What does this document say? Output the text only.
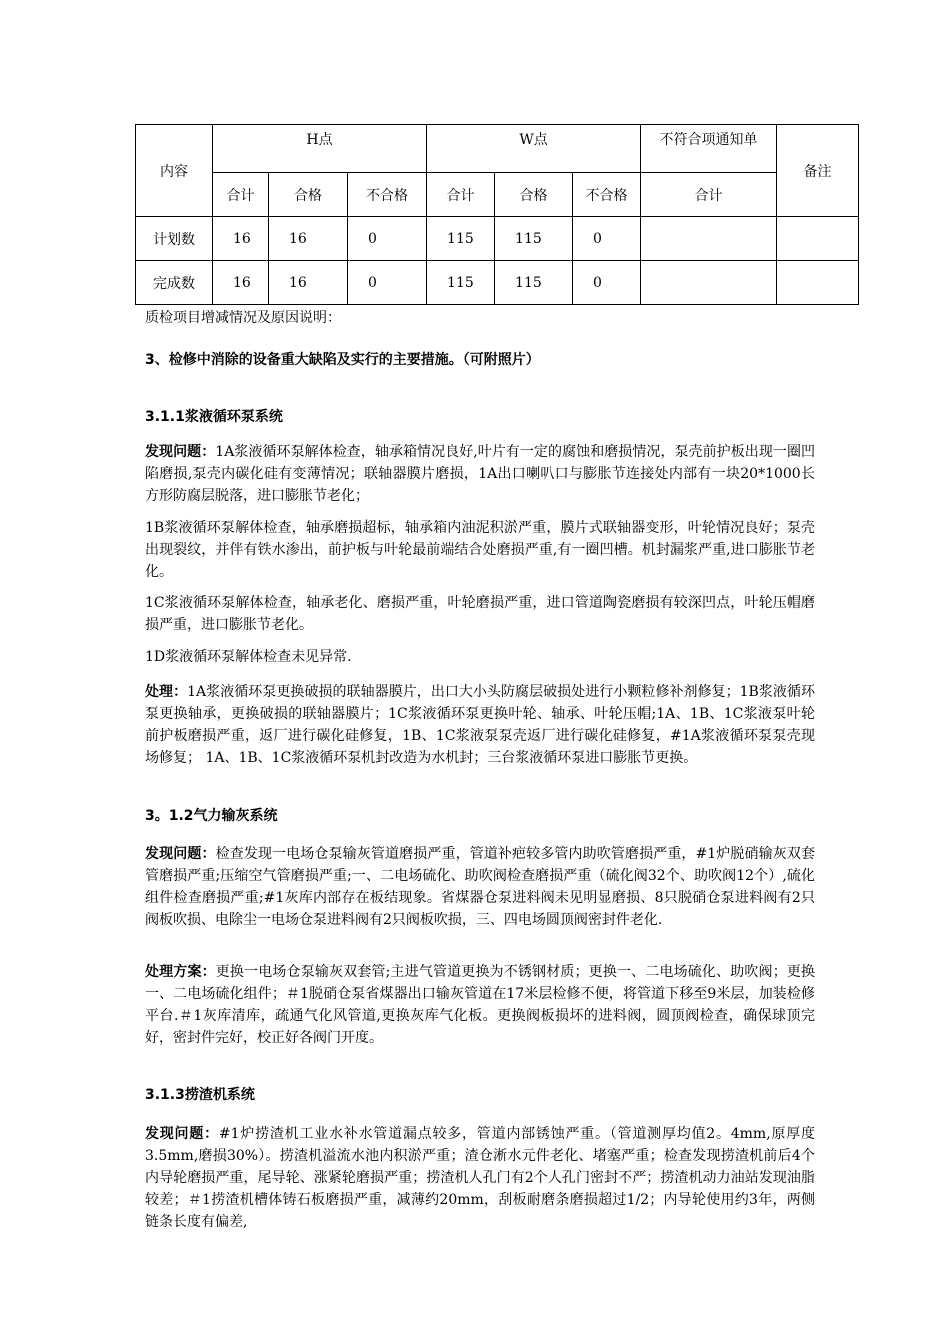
内容	H点			W点			不符合项通知单	备注
	合计	合格	不合格	合计	合格	不合格	合计	
计划数	16	16	0	115	115	0		
完成数	16	16	0	115	115	0		

质检项目增减情况及原因说明：

3、检修中消除的设备重大缺陷及实行的主要措施。（可附照片）

3.1.1浆液循环泵系统

发现问题：1A浆液循环泵解体检查，轴承箱情况良好,叶片有一定的腐蚀和磨损情况，泵壳前护板出现一圈凹陷磨损,泵壳内碳化硅有变薄情况；联轴器膜片磨损，1A出口喇叭口与膨胀节连接处内部有一块20*1000长方形防腐层脱落，进口膨胀节老化；

1B浆液循环泵解体检查，轴承磨损超标，轴承箱内油泥积淤严重，膜片式联轴器变形，叶轮情况良好；泵壳出现裂纹，并伴有铁水渗出，前护板与叶轮最前端结合处磨损严重,有一圈凹槽。机封漏浆严重,进口膨胀节老化。

1C浆液循环泵解体检查，轴承老化、磨损严重，叶轮磨损严重，进口管道陶瓷磨损有较深凹点，叶轮压帽磨损严重，进口膨胀节老化。

1D浆液循环泵解体检查未见异常.

处理：1A浆液循环泵更换破损的联轴器膜片，出口大小头防腐层破损处进行小颗粒修补剂修复；1B浆液循环泵更换轴承，更换破损的联轴器膜片；1C浆液循环泵更换叶轮、轴承、叶轮压帽;1A、1B、1C浆液泵叶轮前护板磨损严重，返厂进行碳化硅修复，1B、1C浆液泵泵壳返厂进行碳化硅修复，#1A浆液循环泵泵壳现场修复； 1A、1B、1C浆液循环泵机封改造为水机封；三台浆液循环泵进口膨胀节更换。

3。1.2气力输灰系统

发现问题：检查发现一电场仓泵输灰管道磨损严重，管道补疤较多管内助吹管磨损严重，#1炉脱硝输灰双套管磨损严重;压缩空气管磨损严重;一、二电场硫化、助吹阀检查磨损严重（硫化阀32个、助吹阀12个）,硫化组件检查磨损严重;#1灰库内部存在板结现象。省煤器仓泵进料阀未见明显磨损、8只脱硝仓泵进料阀有2只阀板吹损、电除尘一电场仓泵进料阀有2只阀板吹损，三、四电场圆顶阀密封件老化.

处理方案：更换一电场仓泵输灰双套管;主进气管道更换为不锈钢材质；更换一、二电场硫化、助吹阀；更换一、二电场硫化组件；＃1脱硝仓泵省煤器出口输灰管道在17米层检修不便，将管道下移至9米层，加装检修平台.＃1灰库清库，疏通气化风管道,更换灰库气化板。更换阀板损坏的进料阀，圆顶阀检查，确保球顶完好，密封件完好，校正好各阀门开度。

3.1.3捞渣机系统

发现问题：#1炉捞渣机工业水补水管道漏点较多，管道内部锈蚀严重。（管道测厚均值2。4mm,原厚度3.5mm,磨损30%）。捞渣机溢流水池内积淤严重；渣仓淅水元件老化、堵塞严重；检查发现捞渣机前后4个内导轮磨损严重，尾导轮、涨紧轮磨损严重；捞渣机人孔门有2个人孔门密封不严；捞渣机动力油站发现油脂较差；＃1捞渣机槽体铸石板磨损严重，减薄约20mm，刮板耐磨条磨损超过1/2；内导轮使用约3年，两侧链条长度有偏差,
